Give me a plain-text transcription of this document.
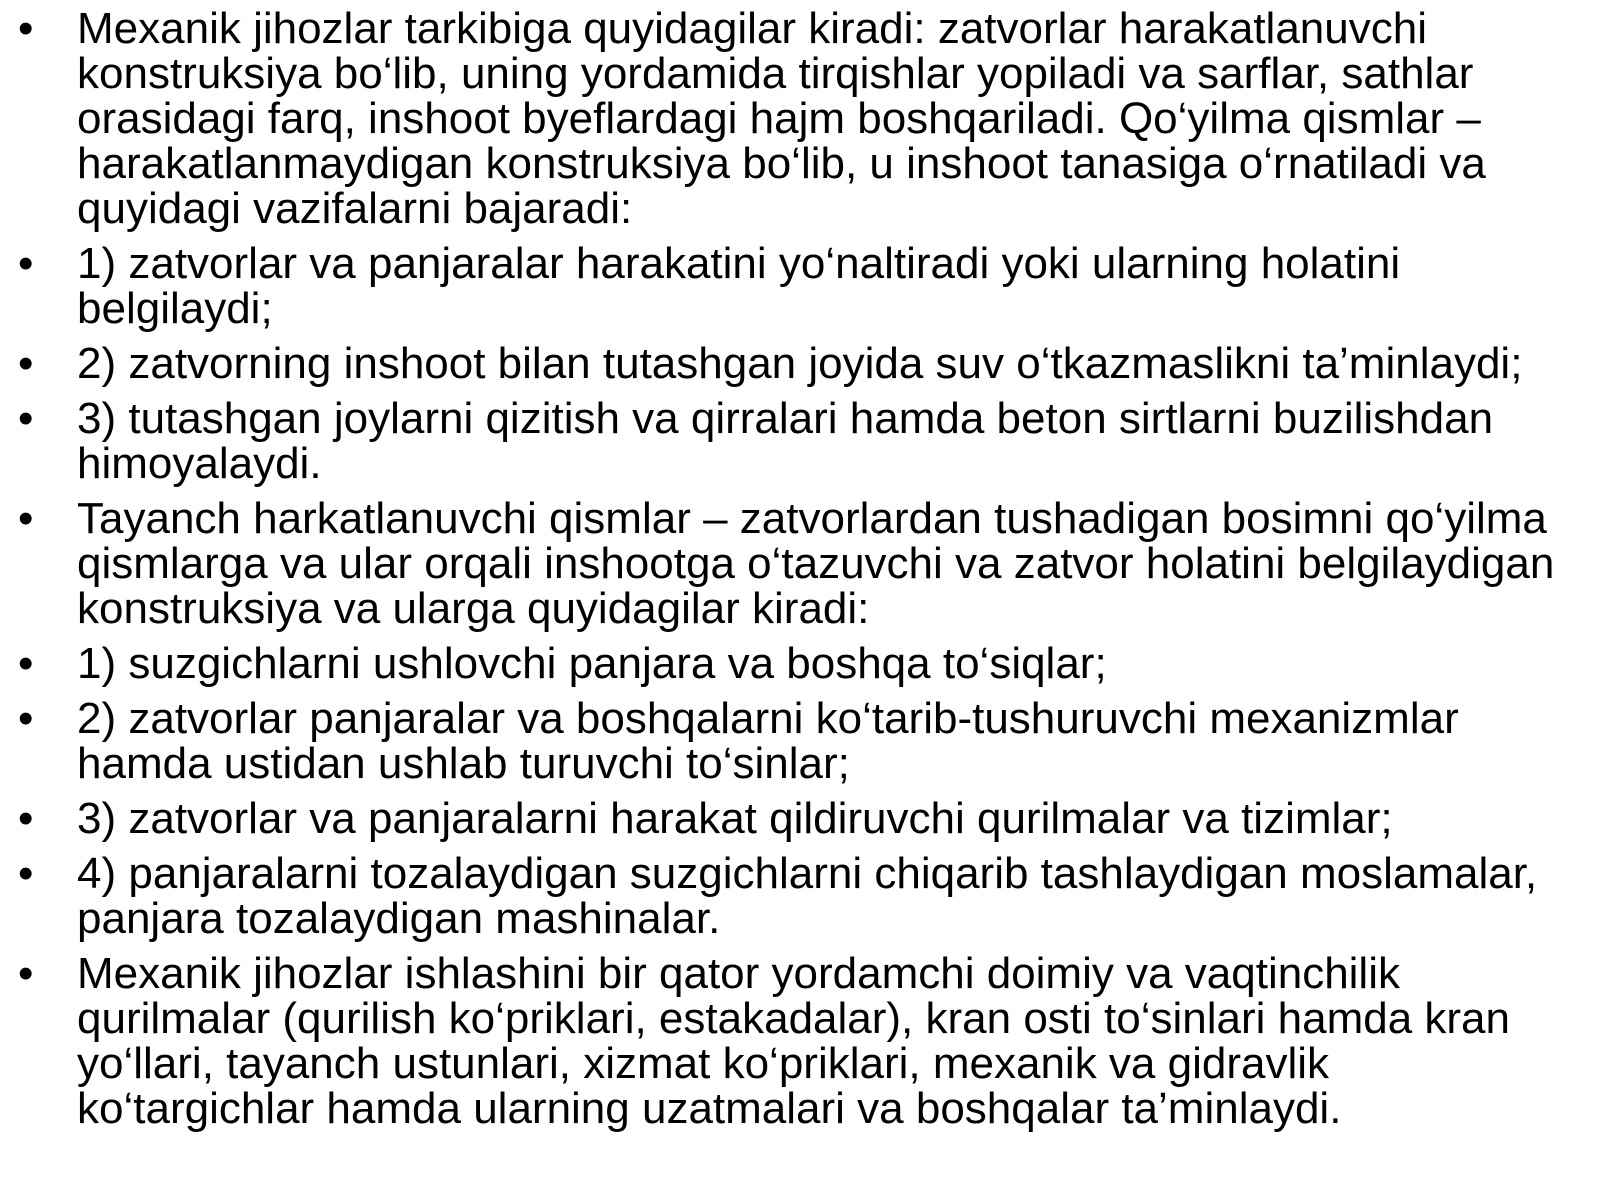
• Mexanik jihozlar tarkibiga quyidagilar kiradi: zatvorlar harakatlanuvchi konstruksiya bo‘lib, uning yordamida tirqishlar yopiladi va sarflar, sathlar orasidagi farq, inshoot byeflardagi hajm boshqariladi. Qo‘yilma qismlar – harakatlanmaydigan konstruksiya bo‘lib, u inshoot tanasiga o‘rnatiladi va quyidagi vazifalarni bajaradi:
• 1) zatvorlar va panjaralar harakatini yo‘naltiradi yoki ularning holatini belgilaydi;
• 2) zatvorning inshoot bilan tutashgan joyida suv o‘tkazmaslikni ta’minlaydi;
• 3) tutashgan joylarni qizitish va qirralari hamda beton sirtlarni buzilishdan himoyalaydi.
• Tayanch harkatlanuvchi qismlar – zatvorlardan tushadigan bosimni qo‘yilma qismlarga va ular orqali inshootga o‘tazuvchi va zatvor holatini belgilaydigan konstruksiya va ularga quyidagilar kiradi:
• 1) suzgichlarni ushlovchi panjara va boshqa to‘siqlar;
• 2) zatvorlar panjaralar va boshqalarni ko‘tarib-tushuruvchi mexanizmlar hamda ustidan ushlab turuvchi to‘sinlar;
• 3) zatvorlar va panjaralarni harakat qildiruvchi qurilmalar va tizimlar;
• 4) panjaralarni tozalaydigan suzgichlarni chiqarib tashlaydigan moslamalar, panjara tozalaydigan mashinalar.
• Mexanik jihozlar ishlashini bir qator yordamchi doimiy va vaqtinchilik qurilmalar (qurilish ko‘priklari, estakadalar), kran osti to‘sinlari hamda kran yo‘llari, tayanch ustunlari, xizmat ko‘priklari, mexanik va gidravlik ko‘targichlar hamda ularning uzatmalari va boshqalar ta’minlaydi.
